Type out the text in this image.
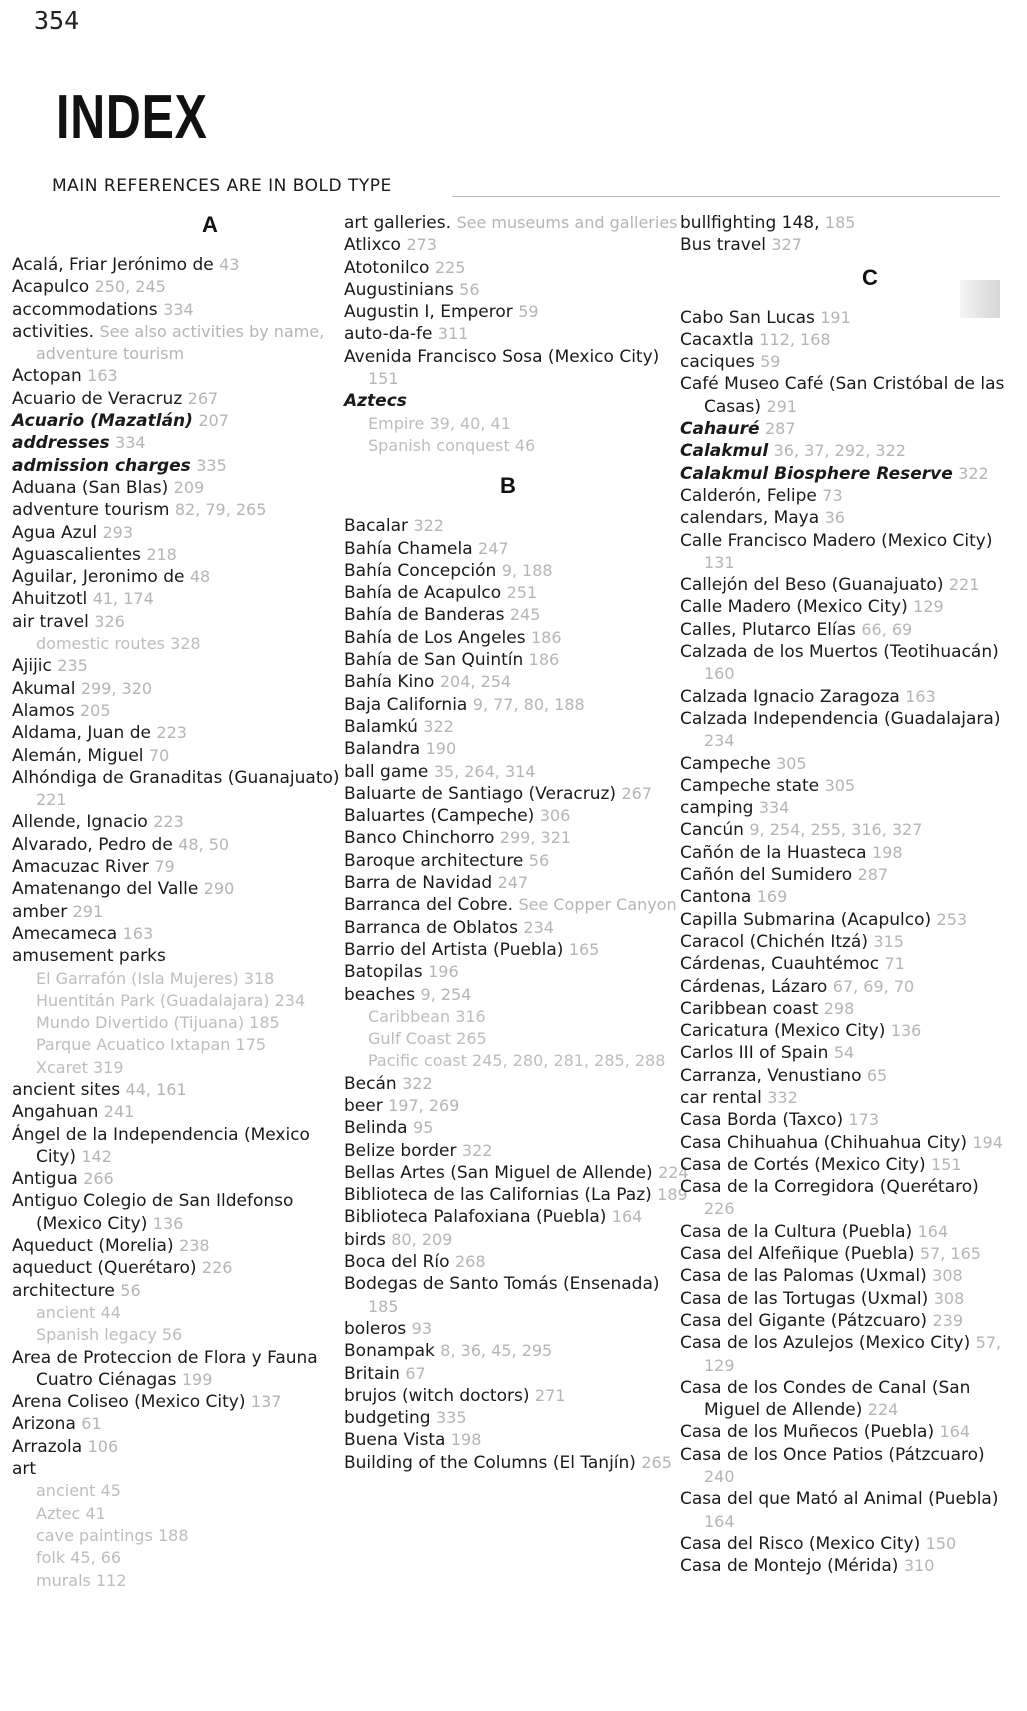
354
INDEX
MAIN REFERENCES ARE IN BOLD TYPE
A
Acalá, Friar Jerónimo de 43
Acapulco 250, 245
accommodations 334
activities. See also activities by name, adventure tourism
Actopan 163
Acuario de Veracruz 267
Acuario (Mazatlán) 207
addresses 334
admission charges 335
Aduana (San Blas) 209
adventure tourism 82, 79, 265
Agua Azul 293
Aguascalientes 218
Aguilar, Jeronimo de 48
Ahuitzotl 41, 174
air travel 326
domestic routes 328
Ajijic 235
Akumal 299, 320
Alamos 205
Aldama, Juan de 223
Alemán, Miguel 70
Alhóndiga de Granaditas (Guanajuato) 221
Allende, Ignacio 223
Alvarado, Pedro de 48, 50
Amacuzac River 79
Amatenango del Valle 290
amber 291
Amecameca 163
amusement parks
El Garrafón (Isla Mujeres) 318
Huentitán Park (Guadalajara) 234
Mundo Divertido (Tijuana) 185
Parque Acuatico Ixtapan 175
Xcaret 319
ancient sites 44, 161
Angahuan 241
Ángel de la Independencia (Mexico City) 142
Antigua 266
Antiguo Colegio de San Ildefonso (Mexico City) 136
Aqueduct (Morelia) 238
aqueduct (Querétaro) 226
architecture 56
ancient 44
Spanish legacy 56
Area de Proteccion de Flora y Fauna Cuatro Ciénagas 199
Arena Coliseo (Mexico City) 137
Arizona 61
Arrazola 106
art
ancient 45
Aztec 41
cave paintings 188
folk 45, 66
murals 112
art galleries. See museums and galleries
Atlixco 273
Atotonilco 225
Augustinians 56
Augustin I, Emperor 59
auto-da-fe 311
Avenida Francisco Sosa (Mexico City) 151
Aztecs
Empire 39, 40, 41
Spanish conquest 46
B
Bacalar 322
Bahía Chamela 247
Bahía Concepción 9, 188
Bahía de Acapulco 251
Bahía de Banderas 245
Bahía de Los Angeles 186
Bahía de San Quintín 186
Bahía Kino 204, 254
Baja California 9, 77, 80, 188
Balamkú 322
Balandra 190
ball game 35, 264, 314
Baluarte de Santiago (Veracruz) 267
Baluartes (Campeche) 306
Banco Chinchorro 299, 321
Baroque architecture 56
Barra de Navidad 247
Barranca del Cobre. See Copper Canyon
Barranca de Oblatos 234
Barrio del Artista (Puebla) 165
Batopilas 196
beaches 9, 254
Caribbean 316
Gulf Coast 265
Pacific coast 245, 280, 281, 285, 288
Becán 322
beer 197, 269
Belinda 95
Belize border 322
Bellas Artes (San Miguel de Allende) 224
Biblioteca de las Californias (La Paz) 189
Biblioteca Palafoxiana (Puebla) 164
birds 80, 209
Boca del Río 268
Bodegas de Santo Tomás (Ensenada) 185
boleros 93
Bonampak 8, 36, 45, 295
Britain 67
brujos (witch doctors) 271
budgeting 335
Buena Vista 198
Building of the Columns (El Tanjín) 265
bullfighting 148, 185
Bus travel 327
C
Cabo San Lucas 191
Cacaxtla 112, 168
caciques 59
Café Museo Café (San Cristóbal de las Casas) 291
Cahauré 287
Calakmul 36, 37, 292, 322
Calakmul Biosphere Reserve 322
Calderón, Felipe 73
calendars, Maya 36
Calle Francisco Madero (Mexico City) 131
Callejón del Beso (Guanajuato) 221
Calle Madero (Mexico City) 129
Calles, Plutarco Elías 66, 69
Calzada de los Muertos (Teotihuacán) 160
Calzada Ignacio Zaragoza 163
Calzada Independencia (Guadalajara) 234
Campeche 305
Campeche state 305
camping 334
Cancún 9, 254, 255, 316, 327
Cañón de la Huasteca 198
Cañón del Sumidero 287
Cantona 169
Capilla Submarina (Acapulco) 253
Caracol (Chichén Itzá) 315
Cárdenas, Cuauhtémoc 71
Cárdenas, Lázaro 67, 69, 70
Caribbean coast 298
Caricatura (Mexico City) 136
Carlos III of Spain 54
Carranza, Venustiano 65
car rental 332
Casa Borda (Taxco) 173
Casa Chihuahua (Chihuahua City) 194
Casa de Cortés (Mexico City) 151
Casa de la Corregidora (Querétaro) 226
Casa de la Cultura (Puebla) 164
Casa del Alfeñique (Puebla) 57, 165
Casa de las Palomas (Uxmal) 308
Casa de las Tortugas (Uxmal) 308
Casa del Gigante (Pátzcuaro) 239
Casa de los Azulejos (Mexico City) 57, 129
Casa de los Condes de Canal (San Miguel de Allende) 224
Casa de los Muñecos (Puebla) 164
Casa de los Once Patios (Pátzcuaro) 240
Casa del que Mató al Animal (Puebla) 164
Casa del Risco (Mexico City) 150
Casa de Montejo (Mérida) 310
